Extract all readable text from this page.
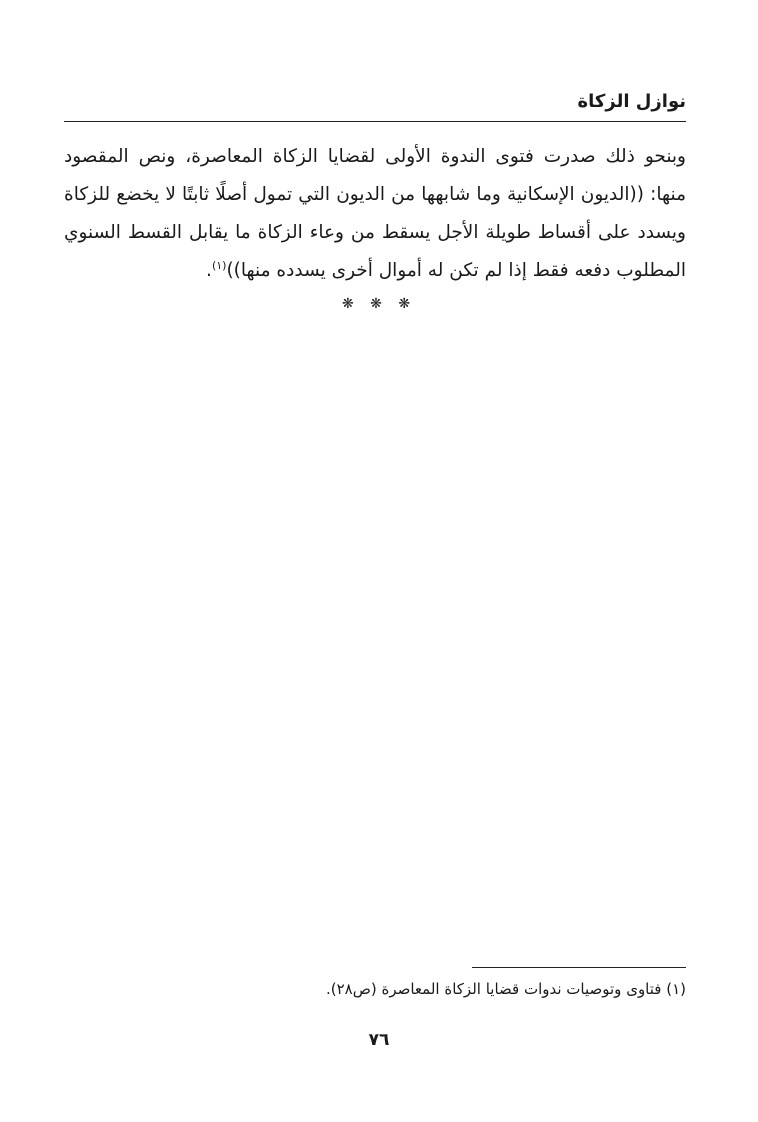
نوازل الزكاة

وبنحو ذلك صدرت فتوى الندوة الأولى لقضايا الزكاة المعاصرة، ونص المقصود منها: ((الديون الإسكانية وما شابهها من الديون التي تمول أصلًا ثابتًا لا يخضع للزكاة ويسدد على أقساط طويلة الأجل يسقط من وعاء الزكاة ما يقابل القسط السنوي المطلوب دفعه فقط إذا لم تكن له أموال أخرى يسدده منها))$^{(١)}$.

❋ ❋ ❋
(١) فتاوى وتوصيات ندوات قضايا الزكاة المعاصرة (ص٢٨).
٧٦
